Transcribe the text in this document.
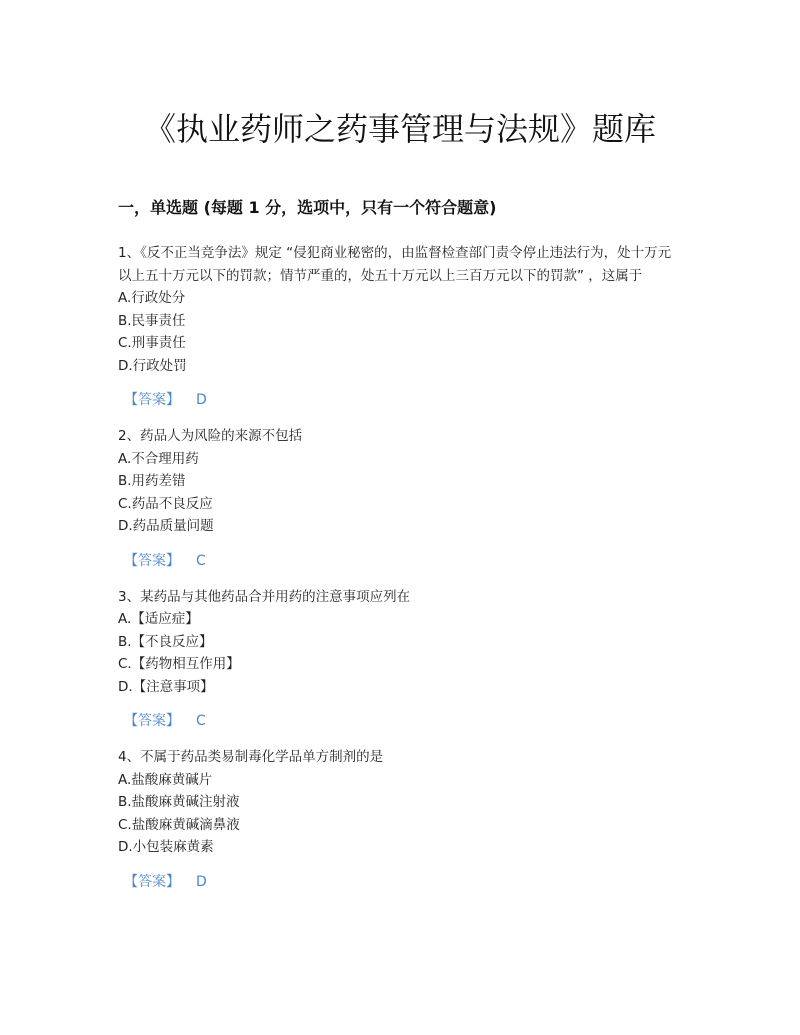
《执业药师之药事管理与法规》题库
一，单选题 (每题 1 分，选项中，只有一个符合题意)
1、《反不正当竞争法》规定 “侵犯商业秘密的，由监督检查部门责令停止违法行为，处十万元以上五十万元以下的罚款；情节严重的，处五十万元以上三百万元以下的罚款” ，这属于
A.行政处分
B.民事责任
C.刑事责任
D.行政处罚
【答案】 D
2、药品人为风险的来源不包括
A.不合理用药
B.用药差错
C.药品不良反应
D.药品质量问题
【答案】 C
3、某药品与其他药品合并用药的注意事项应列在
A.【适应症】
B.【不良反应】
C.【药物相互作用】
D.【注意事项】
【答案】 C
4、不属于药品类易制毒化学品单方制剂的是
A.盐酸麻黄碱片
B.盐酸麻黄碱注射液
C.盐酸麻黄碱滴鼻液
D.小包装麻黄素
【答案】 D
